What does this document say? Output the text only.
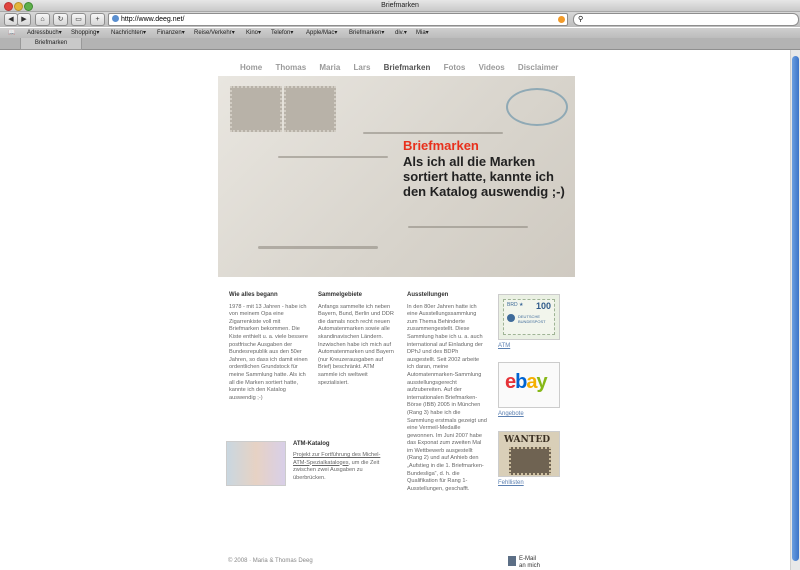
Briefmarken
◀	▶	⌂	↻	▭	+	http://www.deeg.net/	⚲
📖 Adressbuch▾ Shopping▾ Nachrichten▾ Finanzen▾ Reise/Verkehr▾ Kino▾ Telefon▾ Apple/Mac▾ Briefmarken▾ div.▾ Mia▾
Briefmarken
Home Thomas Maria Lars Briefmarken Fotos Videos Disclaimer
Briefmarken
Als ich all die Marken sortiert hatte, kannte ich den Katalog auswendig ;-)
Wie alles begann

1978 - mit 13 Jahren - habe ich von meinem Opa eine Zigarrenkiste voll mit Briefmarken bekommen. Die Kiste enthielt u. a. viele bessere postfrische Ausgaben der Bundesrepublik aus den 50er Jahren, so dass ich damit einen ordentlichen Grundstock für meine Sammlung hatte. Als ich all die Marken sortiert hatte, kannte ich den Katalog auswendig ;-)

Sammelgebiete

Anfangs sammelte ich neben Bayern, Bund, Berlin und DDR die damals noch recht neuen Automatenmarken sowie alle skandinavischen Ländern. Inzwischen habe ich mich auf Automatenmarken und Bayern (nur Kreuzerausgaben auf Brief) beschränkt. ATM sammle ich weltweit spezialisiert.

Ausstellungen

In den 80er Jahren hatte ich eine Ausstellungssammlung zum Thema Behinderte zusammengestellt. Diese Sammlung habe ich u. a. auch international auf Einladung der DPhJ und des BDPh ausgestellt. Seit 2002 arbeite ich daran, meine Automatenmarken-Sammlung ausstellungsgerecht aufzubereiten. Auf der internationalen Briefmarken-Börse (IBB) 2005 in München (Rang 3) habe ich die Sammlung erstmals gezeigt und eine Vermeil-Medaille gewonnen. Im Juni 2007 habe das Exponat zum zweiten Mal im Wettbewerb ausgestellt (Rang 2) und auf Anhieb den „Aufstieg in die 1. Briefmarken-Bundesliga“, d. h. die Qualifikation für Rang 1-Ausstellungen, geschafft.

ATM-Katalog
Projekt zur Fortführung des Michel-ATM-Spezialkataloges, um die Zeit zwischen zwei Ausgaben zu überbrücken.
BRD ★ 100
DEUTSCHE BUNDESPOST
ATM
ebay
Angebote
WANTED
Fehllisten
© 2008 · Maria & Thomas Deeg	E-Mail
an mich
